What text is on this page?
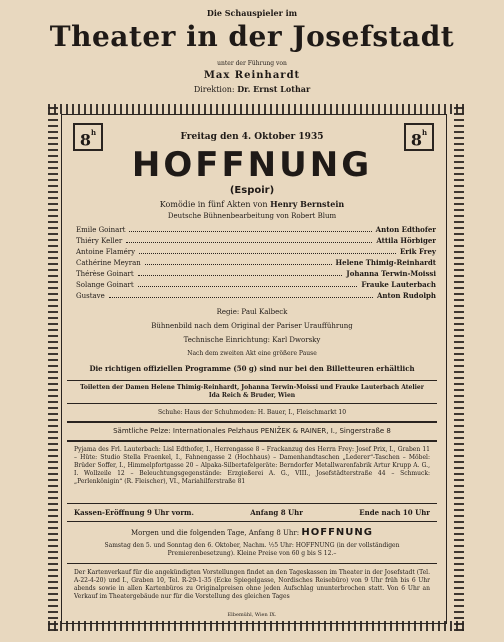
Die Schauspieler im
Theater in der Josefstadt
unter der Führung von
Max Reinhardt
Direktion: Dr. Ernst Lothar
8$^h$	8$^h$
Freitag den 4. Oktober 1935
HOFFNUNG
(Espoir)
Komödie in fünf Akten von Henry Bernstein
Deutsche Bühnenbearbeitung von Robert Blum
Emile Goinart	Anton Edthofer
Thiéry Keller	Attila Hörbiger
Antoine Flaméry	Erik Frey
Cathérine Meyran	Helene Thimig-Reinhardt
Thérèse Goinart	Johanna Terwin-Moissi
Solange Goinart	Frauke Lauterbach
Gustave	Anton Rudolph
Regie: Paul Kalbeck
Bühnenbild nach dem Original der Pariser Uraufführung
Technische Einrichtung: Karl Dworsky
Nach dem zweiten Akt eine größere Pause
Die richtigen offiziellen Programme (50 g) sind nur bei den Billetteuren erhältlich
Toiletten der Damen Helene Thimig-Reinhardt, Johanna Terwin-Moissi und Frauke Lauterbach Atelier Ida Reich & Bruder, Wien
Schuhe: Haus der Schuhmoden: H. Bauer, I., Fleischmarkt 10
Sämtliche Pelze: Internationales Pelzhaus PENIŽEK & RAINER, I., Singerstraße 8
Pyjama des Frl. Lauterbach: Lisl Edthofer, I., Herrengasse 8 – Frackanzug des Herrn Frey: Josef Prix, I., Graben 11 – Hüte: Studio Stella Fraenkel, I., Fahnengasse 2 (Hochhaus) – Damenhandtaschen „Lederer“-Taschen – Möbel: Brüder Soffer, I., Himmelpfortgasse 20 – Alpaka-Silbertafelgeräte: Berndorfer Metallwarenfabrik Artur Krupp A. G., I. Wollzeile 12 – Beleuchtungsgegenstände: Erzgießerei A. G., VIII., Josefstädterstraße 44 – Schmuck: „Perlenkönigin“ (R. Fleischer), VI., Mariahilferstraße 81
Kassen-Eröffnung 9 Uhr vorm.	Anfang 8 Uhr	Ende nach 10 Uhr
Morgen und die folgenden Tage, Anfang 8 Uhr: HOFFNUNG
Samstag den 5. und Sonntag den 6. Oktober, Nachm. ½5 Uhr: HOFFNUNG (in der vollständigen Premierenbesetzung). Kleine Preise von 60 g bis S 12.–
Der Kartenverkauf für die angekündigten Vorstellungen findet an den Tageskassen im Theater in der Josefstadt (Tel. A-22-4-20) und I., Graben 10, Tel. R-29-1-35 (Ecke Spiegelgasse, Nordisches Reisebüro) von 9 Uhr früh bis 6 Uhr abends sowie in allen Kartenbüros zu Originalpreisen ohne jeden Aufschlag ununterbrochen statt. Von 6 Uhr an Verkauf im Theatergebäude nur für die Vorstellung des gleichen Tages
Elbemühl, Wien IX.
